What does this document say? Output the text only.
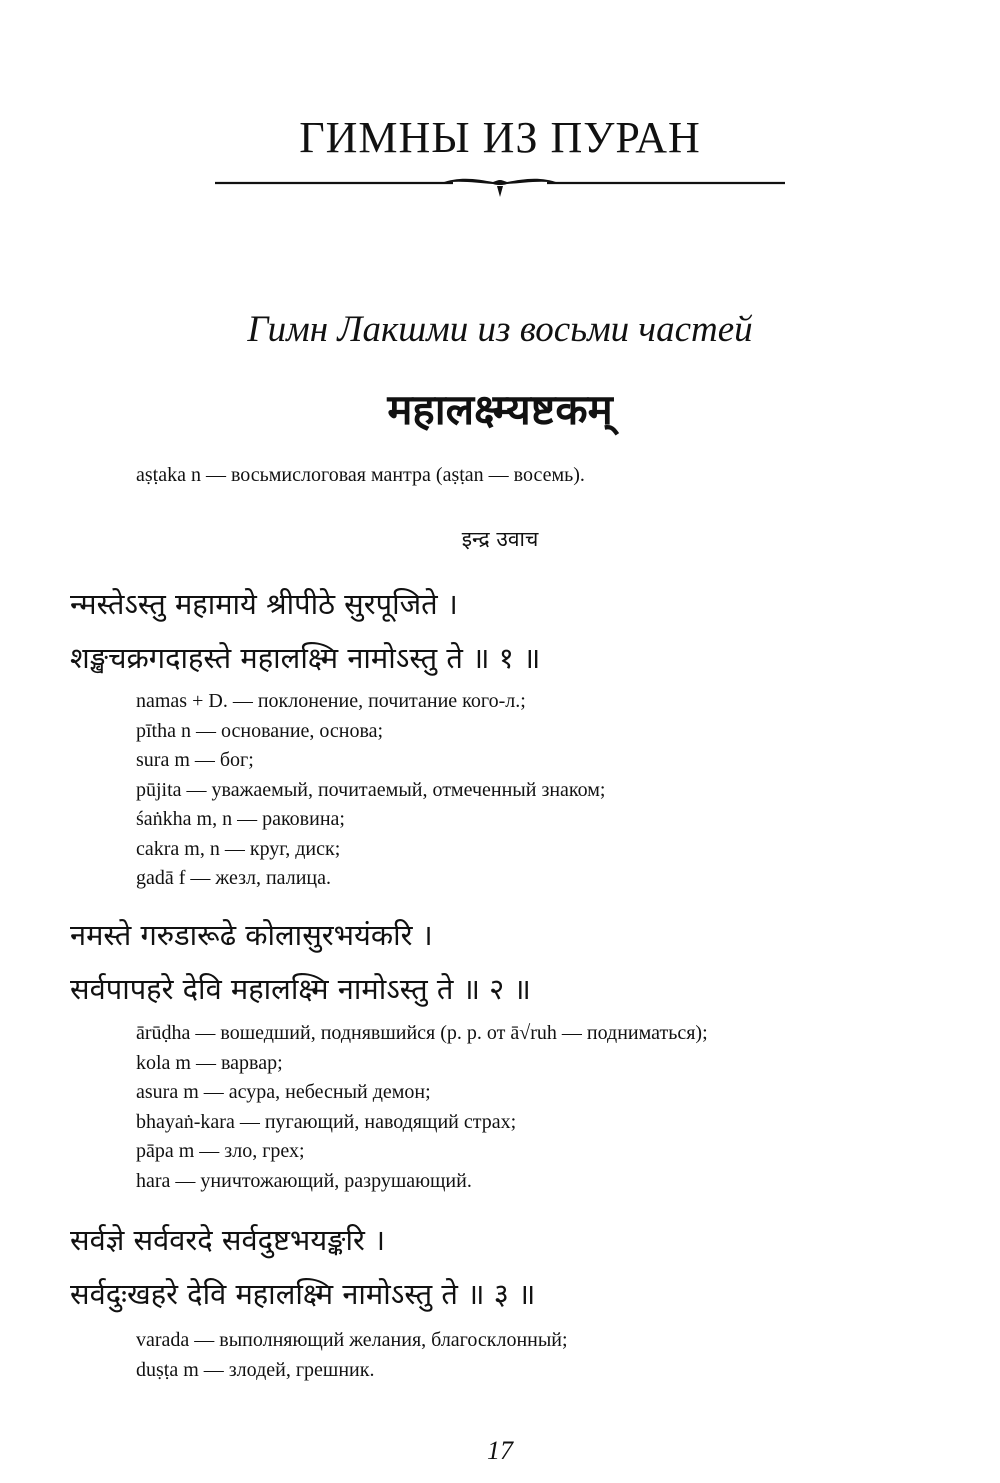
ГИМНЫ ИЗ ПУРАН
Гимн Лакшми из восьми частей
महालक्ष्म्यष्टकम्
aṣṭaka n — восьмислоговая мантра (aṣṭan — восемь).
इन्द्र उवाच
न्मस्तेऽस्तु महामाये श्रीपीठे सुरपूजिते ।
शङ्खचक्रगदाहस्ते महालक्ष्मि नामोऽस्तु ते ॥ १ ॥
namas + D. — поклонение, почитание кого-л.;
pītha n — основание, основа;
sura m — бог;
pūjita — уважаемый, почитаемый, отмеченный знаком;
śaṅkha m, n — раковина;
cakra m, n — круг, диск;
gadā f — жезл, палица.
नमस्ते गरुडारूढे कोलासुरभयंकरि ।
सर्वपापहरे देवि महालक्ष्मि नामोऽस्तु ते ॥ २ ॥
ārūḍha — вошедший, поднявшийся (p. p. от ā√ruh — подниматься);
kola m — варвар;
asura m — асура, небесный демон;
bhayaṅ-kara — пугающий, наводящий страх;
pāpa m — зло, грех;
hara — уничтожающий, разрушающий.
सर्वज्ञे सर्ववरदे सर्वदुष्टभयङ्करि ।
सर्वदुःखहरे देवि महालक्ष्मि नामोऽस्तु ते ॥ ३ ॥
varada — выполняющий желания, благосклонный;
duṣṭa m — злодей, грешник.
17
